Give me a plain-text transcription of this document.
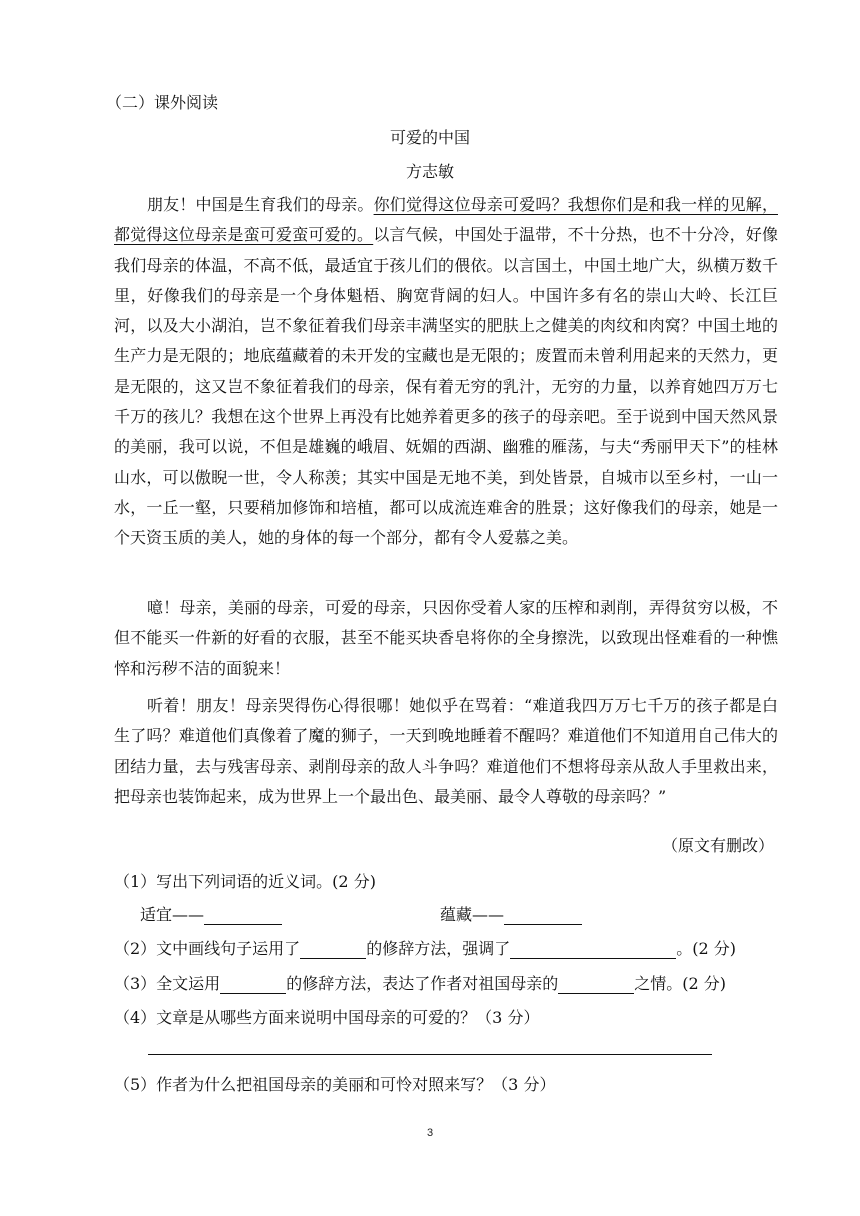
（二）课外阅读
可爱的中国
方志敏

朋友！中国是生育我们的母亲。你们觉得这位母亲可爱吗？我想你们是和我一样的见解，都觉得这位母亲是蛮可爱蛮可爱的。以言气候，中国处于温带，不十分热，也不十分冷，好像我们母亲的体温，不高不低，最适宜于孩儿们的偎依。以言国土，中国土地广大，纵横万数千里，好像我们的母亲是一个身体魁梧、胸宽背阔的妇人。中国许多有名的崇山大岭、长江巨河，以及大小湖泊，岂不象征着我们母亲丰满坚实的肥肤上之健美的肉纹和肉窝？中国土地的生产力是无限的；地底蕴藏着的未开发的宝藏也是无限的；废置而未曾利用起来的天然力，更是无限的，这又岂不象征着我们的母亲，保有着无穷的乳汁，无穷的力量，以养育她四万万七千万的孩儿？我想在这个世界上再没有比她养着更多的孩子的母亲吧。至于说到中国天然风景的美丽，我可以说，不但是雄巍的峨眉、妩媚的西湖、幽雅的雁荡，与夫“秀丽甲天下”的桂林山水，可以傲睨一世，令人称羡；其实中国是无地不美，到处皆景，自城市以至乡村，一山一水，一丘一壑，只要稍加修饰和培植，都可以成流连难舍的胜景；这好像我们的母亲，她是一个天资玉质的美人，她的身体的每一个部分，都有令人爱慕之美。

噫！母亲，美丽的母亲，可爱的母亲，只因你受着人家的压榨和剥削，弄得贫穷以极，不但不能买一件新的好看的衣服，甚至不能买块香皂将你的全身擦洗，以致现出怪难看的一种憔悴和污秽不洁的面貌来！

听着！朋友！母亲哭得伤心得很哪！她似乎在骂着：“难道我四万万七千万的孩子都是白生了吗？难道他们真像着了魔的狮子，一天到晚地睡着不醒吗？难道他们不知道用自己伟大的团结力量，去与残害母亲、剥削母亲的敌人斗争吗？难道他们不想将母亲从敌人手里救出来，把母亲也装饰起来，成为世界上一个最出色、最美丽、最令人尊敬的母亲吗？”

（原文有删改）
（1）写出下列词语的近义词。(2 分)
适宜——	蕴藏——
（2）文中画线句子运用了	的修辞方法，强调了	。(2 分)
（3）全文运用	的修辞方法，表达了作者对祖国母亲的	之情。(2 分)
（4）文章是从哪些方面来说明中国母亲的可爱的？（3 分）
（5）作者为什么把祖国母亲的美丽和可怜对照来写？（3 分）
3
